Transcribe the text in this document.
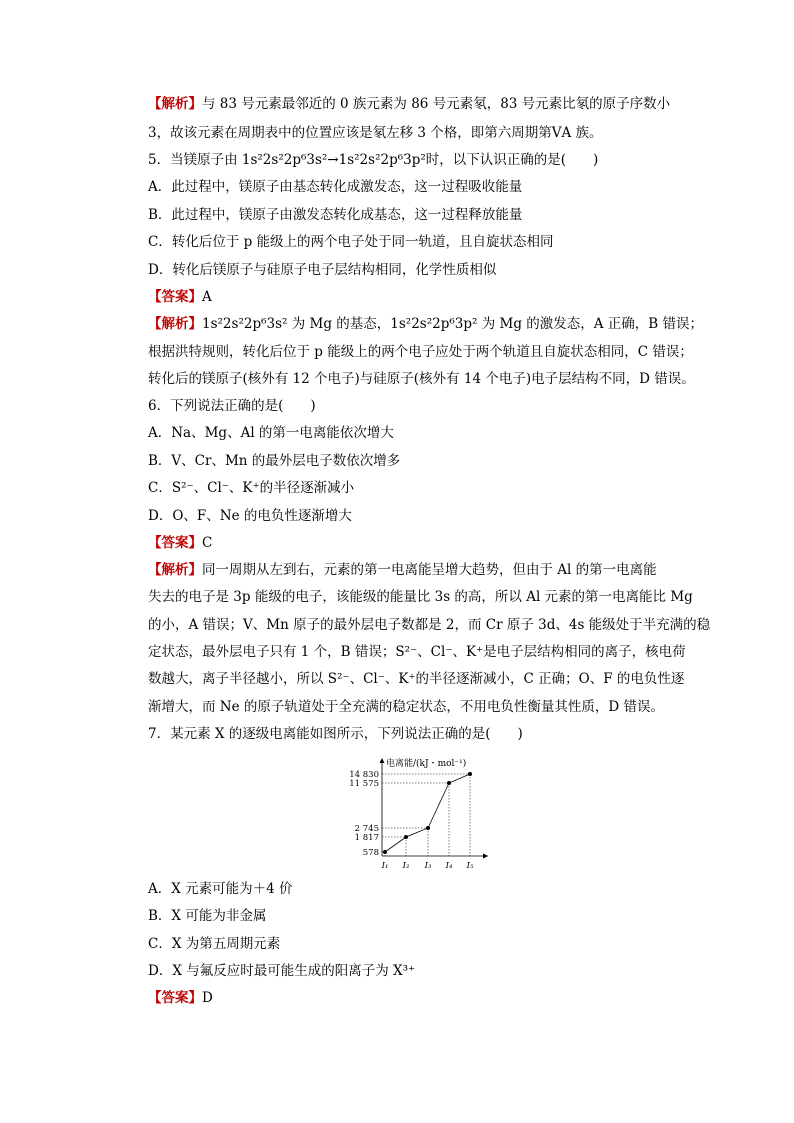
【解析】与 83 号元素最邻近的 0 族元素为 86 号元素氡，83 号元素比氡的原子序数小
3，故该元素在周期表中的位置应该是氡左移 3 个格，即第六周期第ⅤA 族。
5．当镁原子由 1s²2s²2p⁶3s²→1s²2s²2p⁶3p²时，以下认识正确的是(　　)
A．此过程中，镁原子由基态转化成激发态，这一过程吸收能量
B．此过程中，镁原子由激发态转化成基态，这一过程释放能量
C．转化后位于 p 能级上的两个电子处于同一轨道，且自旋状态相同
D．转化后镁原子与硅原子电子层结构相同，化学性质相似
【答案】A
【解析】1s²2s²2p⁶3s² 为 Mg 的基态，1s²2s²2p⁶3p² 为 Mg 的激发态，A 正确，B 错误；
根据洪特规则，转化后位于 p 能级上的两个电子应处于两个轨道且自旋状态相同，C 错误；
转化后的镁原子(核外有 12 个电子)与硅原子(核外有 14 个电子)电子层结构不同，D 错误。
6．下列说法正确的是(　　)
A．Na、Mg、Al 的第一电离能依次增大
B．V、Cr、Mn 的最外层电子数依次增多
C．S²⁻、Cl⁻、K⁺的半径逐渐减小
D．O、F、Ne 的电负性逐渐增大
【答案】C
【解析】同一周期从左到右，元素的第一电离能呈增大趋势，但由于 Al 的第一电离能
失去的电子是 3p 能级的电子，该能级的能量比 3s 的高，所以 Al 元素的第一电离能比 Mg
的小，A 错误；V、Mn 原子的最外层电子数都是 2，而 Cr 原子 3d、4s 能级处于半充满的稳
定状态，最外层电子只有 1 个，B 错误；S²⁻、Cl⁻、K⁺是电子层结构相同的离子，核电荷
数越大，离子半径越小，所以 S²⁻、Cl⁻、K⁺的半径逐渐减小，C 正确；O、F 的电负性逐
渐增大，而 Ne 的原子轨道处于全充满的稳定状态，不用电负性衡量其性质，D 错误。
7．某元素 X 的逐级电离能如图所示，下列说法正确的是(　　)
电离能/(kJ・mol⁻¹)
14 830
11 575
2 745
1 817
578
I₁ I₂ I₃ I₄ I₅
A．X 元素可能为＋4 价
B．X 可能为非金属
C．X 为第五周期元素
D．X 与氟反应时最可能生成的阳离子为 X³⁺
【答案】D
